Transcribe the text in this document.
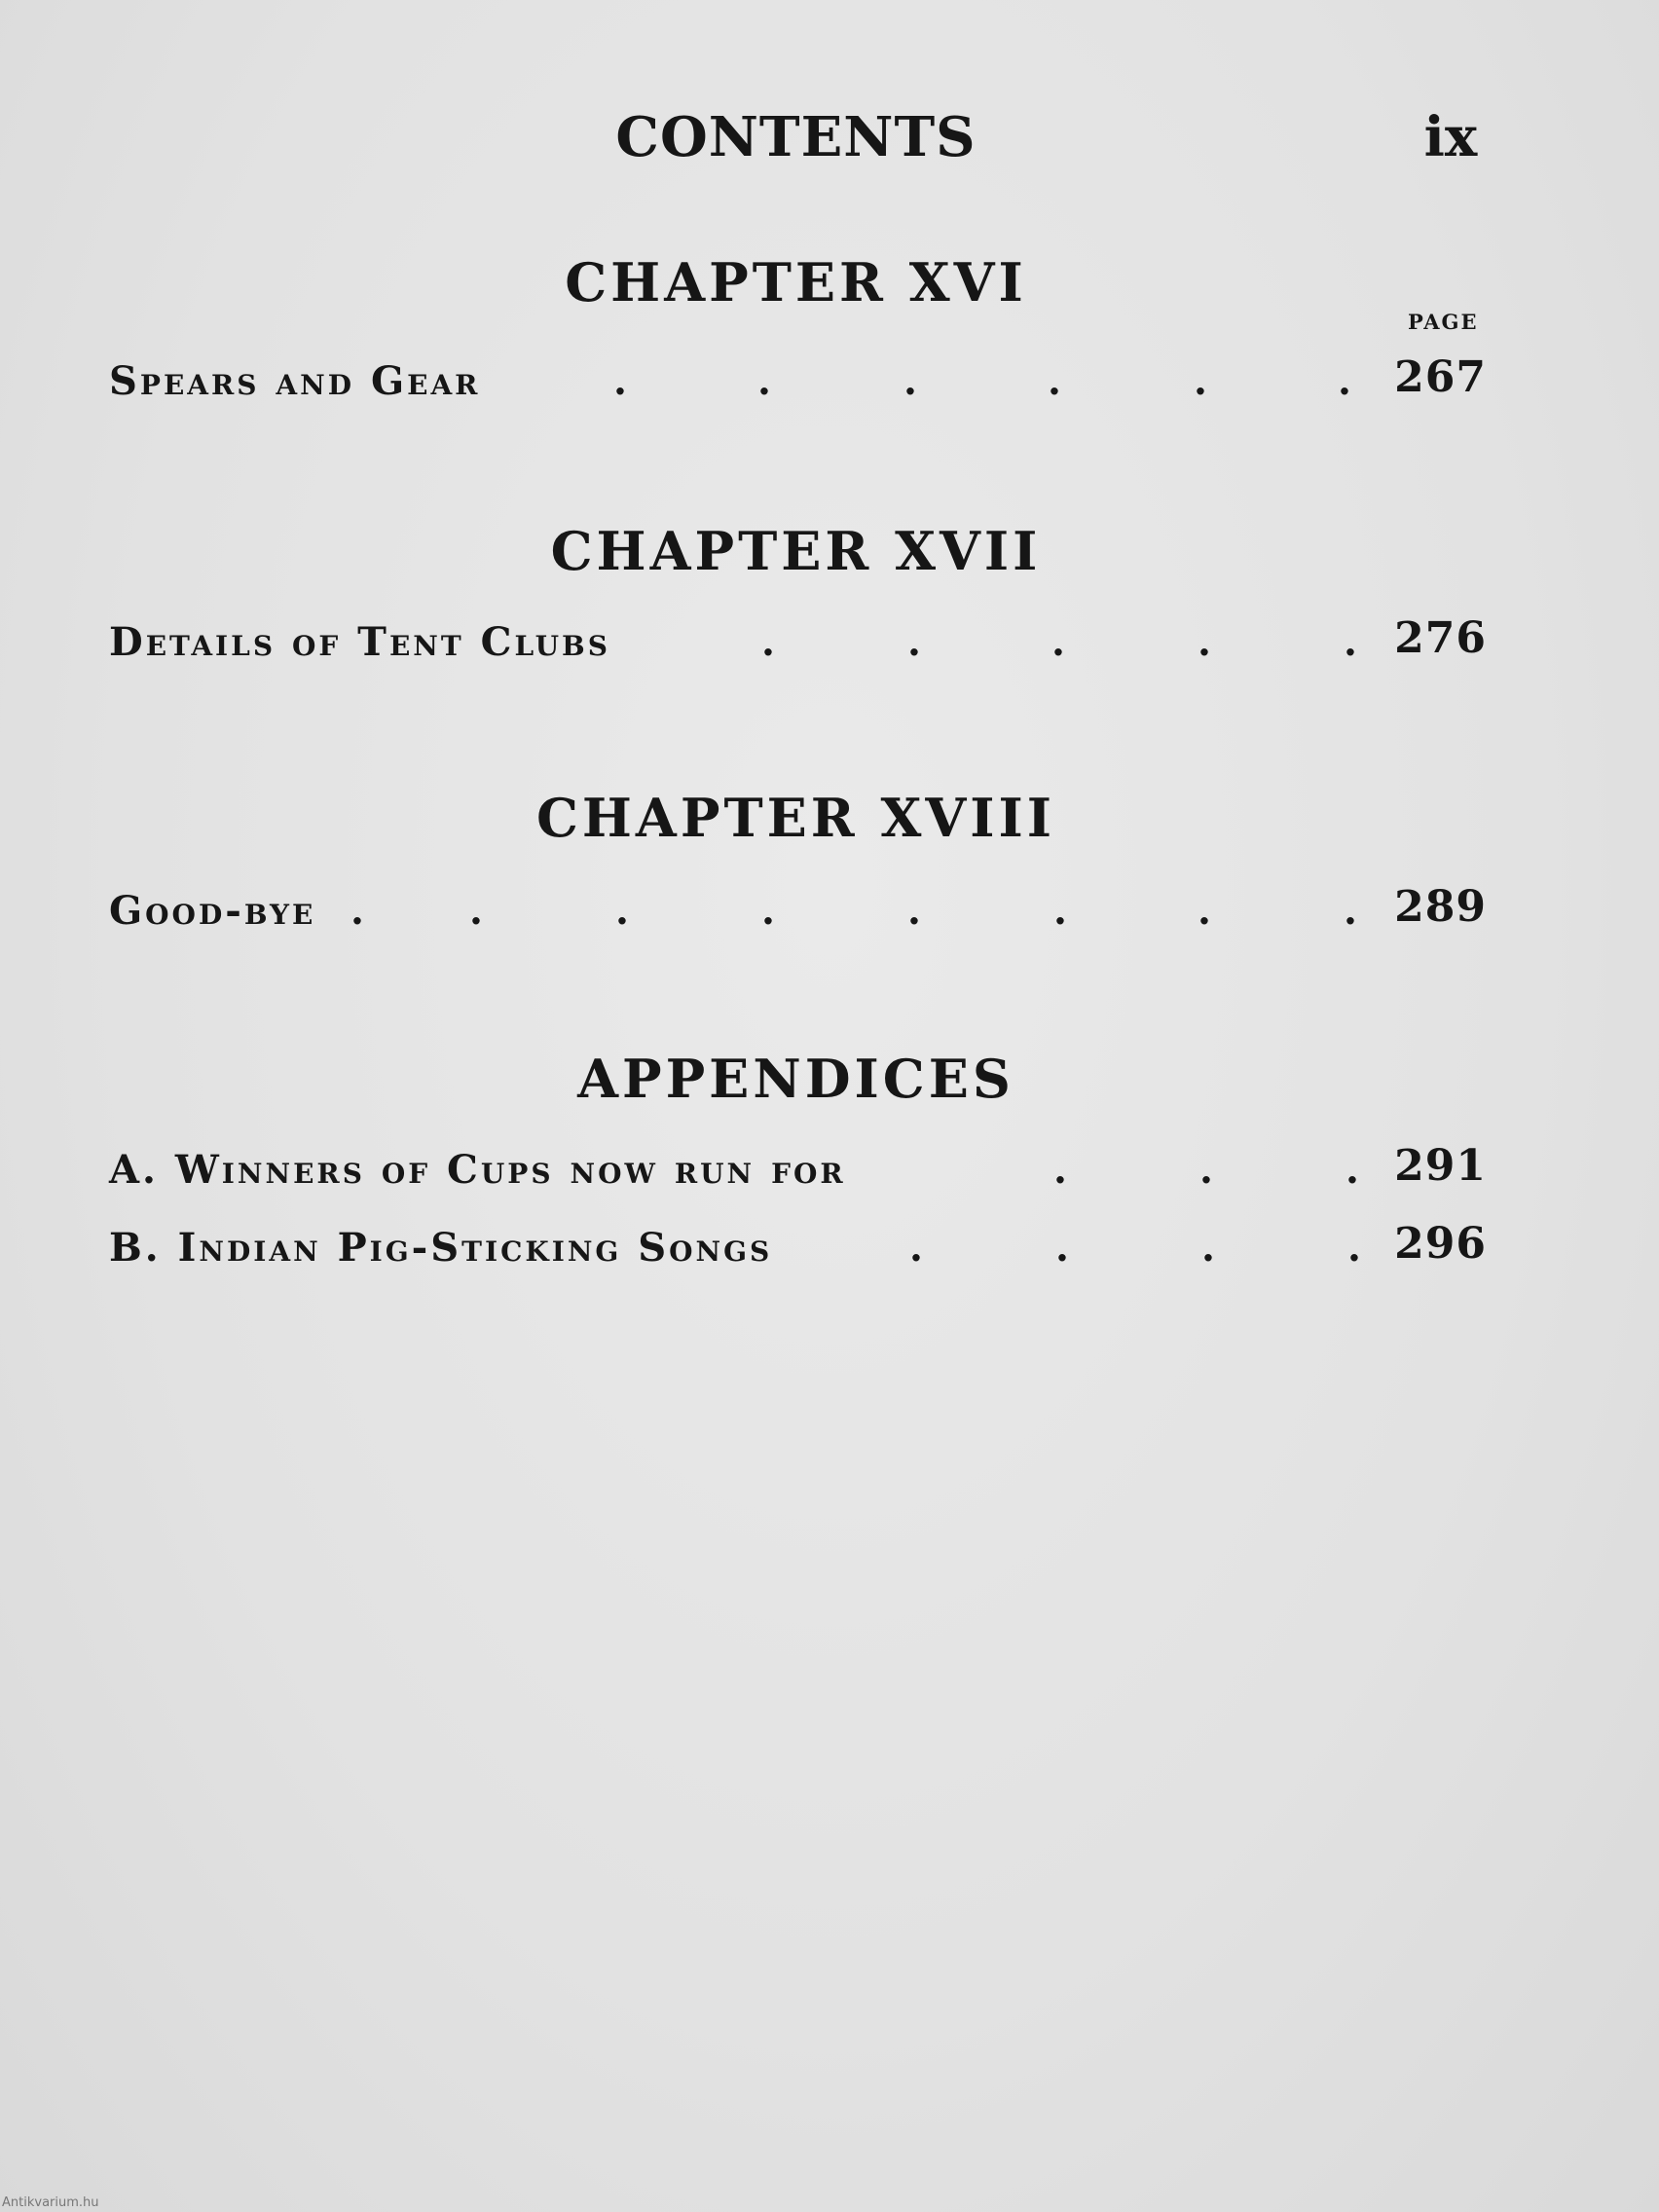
CONTENTS	ix
CHAPTER XVI
PAGE
Spears and Gear	.	.	.	.	.	. 267
CHAPTER XVII
Details of Tent Clubs	.	.	.	.	. 276
CHAPTER XVIII
Good-bye .	.	.	.	.	.	.	. 289
APPENDICES
A. Winners of Cups now run for	.	.	. 291
B. Indian Pig-Sticking Songs	.	.	.	. 296
Antikvarium.hu
